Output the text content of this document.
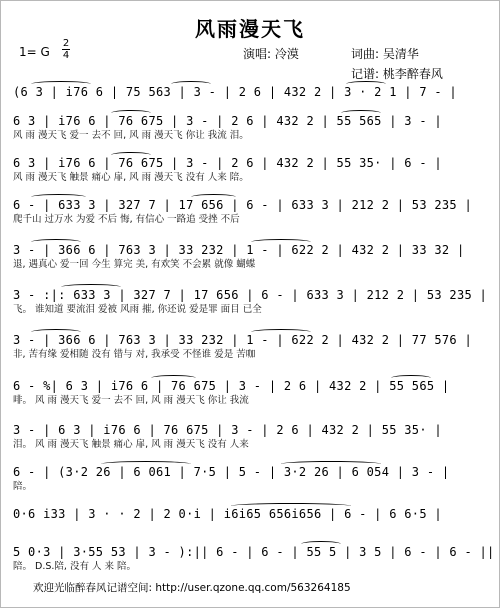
风雨漫天飞
1= G
2
4	演唱: 冷漠	词曲: 吴清华
记谱: 桃李醉春风
(6 3 | i76 6 | 75 563 | 3 - | 2 6 | 432 2 | 3 · 2 1 | 7 - |
6 3 | i76 6 | 76 675 | 3 - | 2 6 | 432 2 | 55 565 | 3 - |
风 雨 漫天飞 爱一 去不 回, 风 雨 漫天飞 你让 我流 泪。
6 3 | i76 6 | 76 675 | 3 - | 2 6 | 432 2 | 55 35· | 6 - |
风 雨 漫天飞 触景 痛心 扉, 风 雨 漫天飞 没有 人来 陪。
6 - | 633 3 | 327 7 | 17 656 | 6 - | 633 3 | 212 2 | 53 235 |
爬千山 过万水 为爱 不后 悔, 有信心 一路追 受挫 不后
3 - | 366 6 | 763 3 | 33 232 | 1 - | 622 2 | 432 2 | 33 32 |
退, 遇真心 爱一回 今生 算完 美, 有欢笑 不会累 就像 蝴蝶
3 - :|: 633 3 | 327 7 | 17 656 | 6 - | 633 3 | 212 2 | 53 235 |
飞。 谁知道 要流泪 爱被 风雨 摧, 你还说 爱是罪 面目 已全
3 - | 366 6 | 763 3 | 33 232 | 1 - | 622 2 | 432 2 | 77 576 |
非, 苦有缘 爱相随 没有 错与 对, 我承受 不怪谁 爱是 苦咖
6 - %| 6 3 | i76 6 | 76 675 | 3 - | 2 6 | 432 2 | 55 565 |
啡。 风 雨 漫天飞 爱一 去不 回, 风 雨 漫天飞 你让 我流
3 - | 6 3 | i76 6 | 76 675 | 3 - | 2 6 | 432 2 | 55 35· |
泪。 风 雨 漫天飞 触景 痛心 扉, 风 雨 漫天飞 没有 人来
6 - | (3·2 26 | 6 061 | 7·5 | 5 - | 3·2 26 | 6 054 | 3 - |
陪。
0·6 i33 | 3 · · 2 | 2 0·i | i6i65 656i656 | 6 - | 6 6·5 |
5 0·3 | 3·55 53 | 3 - ):|| 6 - | 6 - | 55 5 | 3 5 | 6 - | 6 - ||
陪。 D.S.陪, 没有 人 来 陪。
欢迎光临醉春风记谱空间: http://user.qzone.qq.com/563264185
